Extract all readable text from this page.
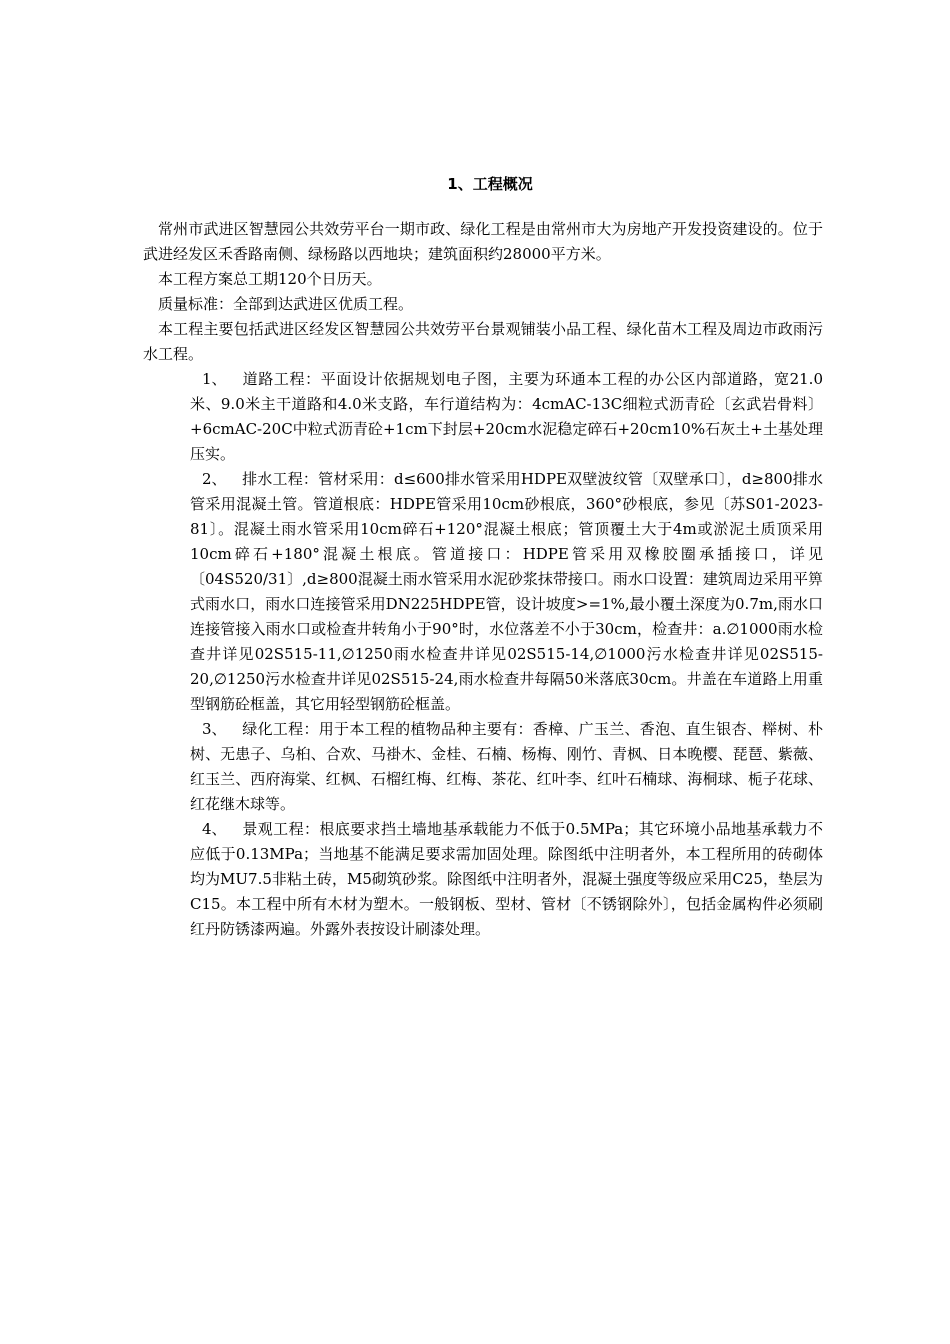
1、工程概况

常州市武进区智慧园公共效劳平台一期市政、绿化工程是由常州市大为房地产开发投资建设的。位于武进经发区禾香路南侧、绿杨路以西地块；建筑面积约28000平方米。

本工程方案总工期120个日历天。

质量标准：全部到达武进区优质工程。

本工程主要包括武进区经发区智慧园公共效劳平台景观铺装小品工程、绿化苗木工程及周边市政雨污水工程。

1、 道路工程：平面设计依据规划电子图，主要为环通本工程的办公区内部道路，宽21.0米、9.0米主干道路和4.0米支路，车行道结构为：4cmAC-13C细粒式沥青砼〔玄武岩骨料〕+6cmAC-20C中粒式沥青砼+1cm下封层+20cm水泥稳定碎石+20cm10%石灰土+土基处理压实。

2、 排水工程：管材采用：d≤600排水管采用HDPE双壁波纹管〔双壁承口〕，d≥800排水管采用混凝土管。管道根底：HDPE管采用10cm砂根底，360°砂根底，参见〔苏S01-2023-81〕。混凝土雨水管采用10cm碎石+120°混凝土根底；管顶覆土大于4m或淤泥土质顶采用10cm碎石+180°混凝土根底。管道接口：HDPE管采用双橡胶圈承插接口，详见〔04S520/31〕,d≥800混凝土雨水管采用水泥砂浆抹带接口。雨水口设置：建筑周边采用平箅式雨水口，雨水口连接管采用DN225HDPE管，设计坡度>=1%,最小覆土深度为0.7m,雨水口连接管接入雨水口或检查井转角小于90°时，水位落差不小于30cm，检查井：a.∅1000雨水检查井详见02S515-11,∅1250雨水检查井详见02S515-14,∅1000污水检查井详见02S515-20,∅1250污水检查井详见02S515-24,雨水检查井每隔50米落底30cm。井盖在车道路上用重型钢筋砼框盖，其它用轻型钢筋砼框盖。

3、 绿化工程：用于本工程的植物品种主要有：香樟、广玉兰、香泡、直生银杏、榉树、朴树、无患子、乌桕、合欢、马褂木、金桂、石楠、杨梅、刚竹、青枫、日本晚樱、琵琶、紫薇、红玉兰、西府海棠、红枫、石榴红梅、红梅、茶花、红叶李、红叶石楠球、海桐球、栀子花球、红花继木球等。

4、 景观工程：根底要求挡土墙地基承载能力不低于0.5MPa；其它环境小品地基承载力不应低于0.13MPa；当地基不能满足要求需加固处理。除图纸中注明者外，本工程所用的砖砌体均为MU7.5非粘土砖，M5砌筑砂浆。除图纸中注明者外，混凝土强度等级应采用C25，垫层为C15。本工程中所有木材为塑木。一般钢板、型材、管材〔不锈钢除外〕，包括金属构件必须刷红丹防锈漆两遍。外露外表按设计刷漆处理。
